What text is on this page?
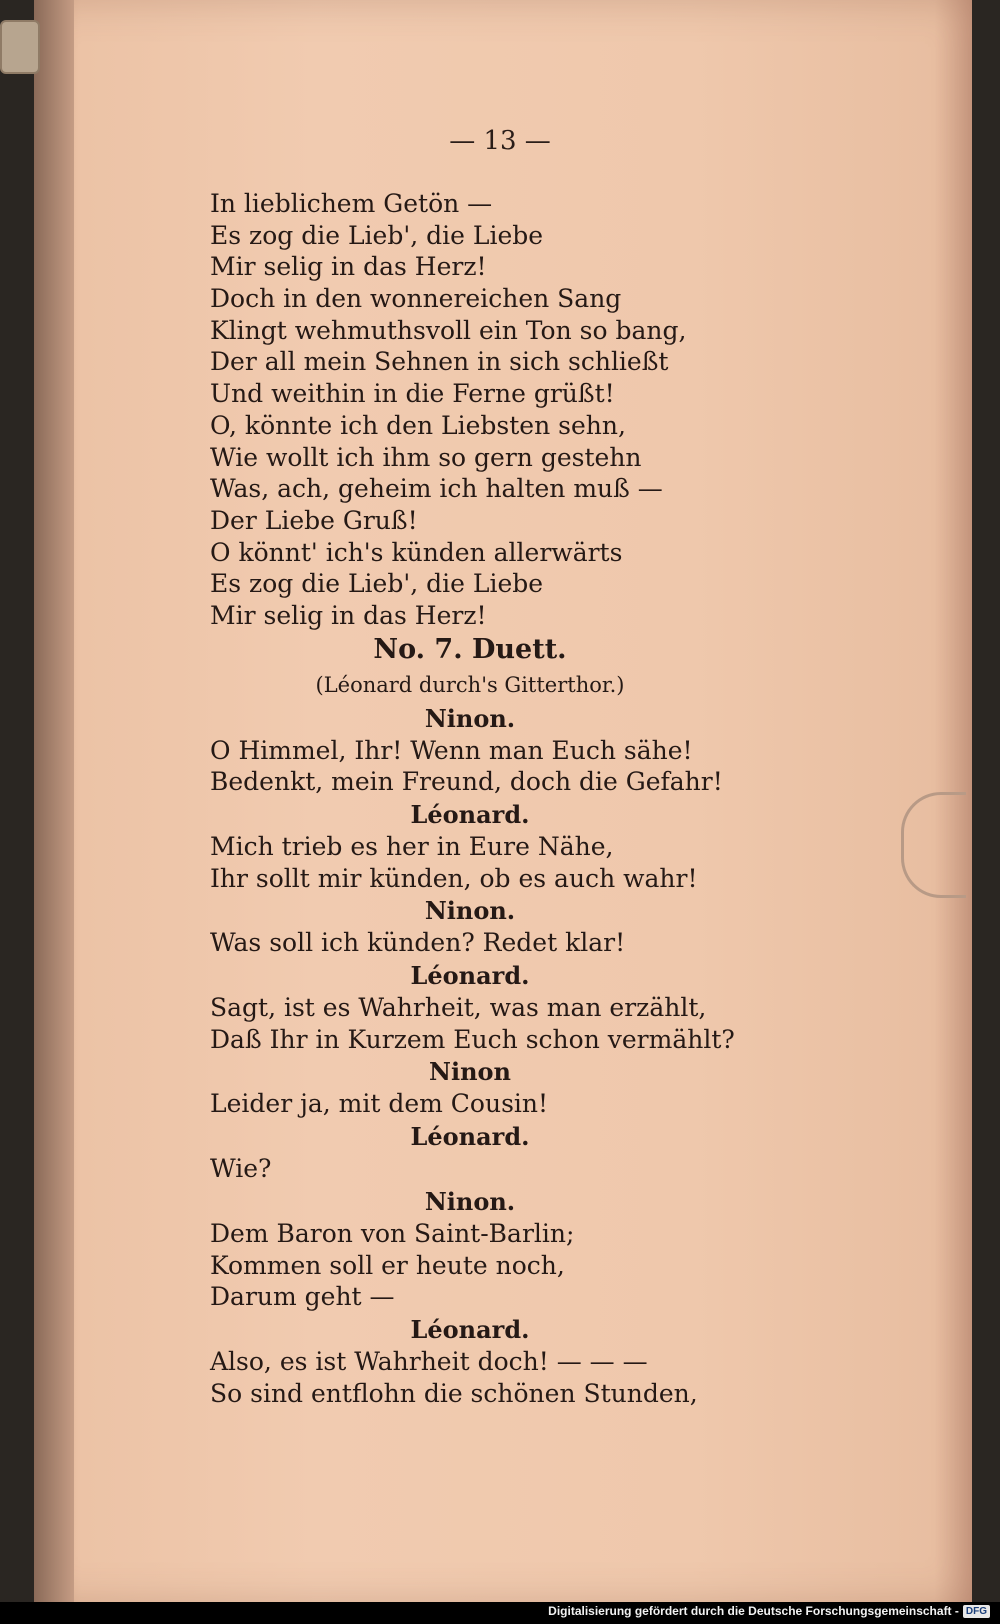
— 13 —
In lieblichem Getön —
Es zog die Lieb', die Liebe
Mir selig in das Herz!
Doch in den wonnereichen Sang
Klingt wehmuthsvoll ein Ton so bang,
Der all mein Sehnen in sich schließt
Und weithin in die Ferne grüßt!
O, könnte ich den Liebsten sehn,
Wie wollt ich ihm so gern gestehn
Was, ach, geheim ich halten muß —
Der Liebe Gruß!
O könnt' ich's künden allerwärts
Es zog die Lieb', die Liebe
Mir selig in das Herz!
No. 7. Duett.
(Léonard durch's Gitterthor.)
Ninon.
O Himmel, Ihr! Wenn man Euch sähe!
Bedenkt, mein Freund, doch die Gefahr!
Léonard.
Mich trieb es her in Eure Nähe,
Ihr sollt mir künden, ob es auch wahr!
Ninon.
Was soll ich künden? Redet klar!
Léonard.
Sagt, ist es Wahrheit, was man erzählt,
Daß Ihr in Kurzem Euch schon vermählt?
Ninon
Leider ja, mit dem Cousin!
Léonard.
Wie?
Ninon.
Dem Baron von Saint-Barlin;
Kommen soll er heute noch,
Darum geht —
Léonard.
Also, es ist Wahrheit doch! — — —
So sind entflohn die schönen Stunden,
Digitalisierung gefördert durch die Deutsche Forschungsgemeinschaft - DFG
